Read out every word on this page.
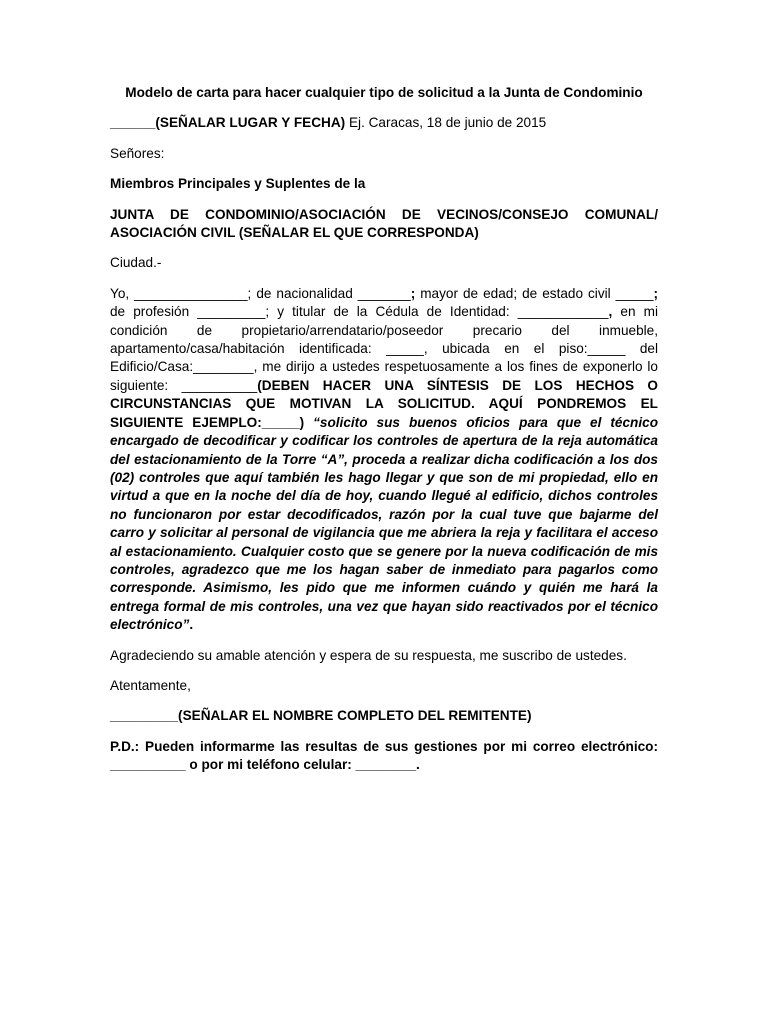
Modelo de carta para hacer cualquier tipo de solicitud a la Junta de Condominio

______(SEÑALAR LUGAR Y FECHA) Ej. Caracas, 18 de junio de 2015

Señores:

Miembros Principales y Suplentes de la

JUNTA DE CONDOMINIO/ASOCIACIÓN DE VECINOS/CONSEJO COMUNAL/ ASOCIACIÓN CIVIL (SEÑALAR EL QUE CORRESPONDA)

Ciudad.-

Yo, _______________; de nacionalidad _______; mayor de edad; de estado civil _____; de profesión _________; y titular de la Cédula de Identidad: ____________, en mi condición de propietario/arrendatario/poseedor precario del inmueble, apartamento/casa/habitación identificada: _____, ubicada en el piso:_____ del Edificio/Casa:________, me dirijo a ustedes respetuosamente a los fines de exponerlo lo siguiente: __________(DEBEN HACER UNA SÍNTESIS DE LOS HECHOS O CIRCUNSTANCIAS QUE MOTIVAN LA SOLICITUD. AQUÍ PONDREMOS EL SIGUIENTE EJEMPLO:_____) “solicito sus buenos oficios para que el técnico encargado de decodificar y codificar los controles de apertura de la reja automática del estacionamiento de la Torre “A”, proceda a realizar dicha codificación a los dos (02) controles que aquí también les hago llegar y que son de mi propiedad, ello en virtud a que en la noche del día de hoy, cuando llegué al edificio, dichos controles no funcionaron por estar decodificados, razón por la cual tuve que bajarme del carro y solicitar al personal de vigilancia que me abriera la reja y facilitara el acceso al estacionamiento. Cualquier costo que se genere por la nueva codificación de mis controles, agradezco que me los hagan saber de inmediato para pagarlos como corresponde. Asimismo, les pido que me informen cuándo y quién me hará la entrega formal de mis controles, una vez que hayan sido reactivados por el técnico electrónico”.

Agradeciendo su amable atención y espera de su respuesta, me suscribo de ustedes.

Atentamente,

_________(SEÑALAR EL NOMBRE COMPLETO DEL REMITENTE)

P.D.: Pueden informarme las resultas de sus gestiones por mi correo electrónico: __________ o por mi teléfono celular: ________.
